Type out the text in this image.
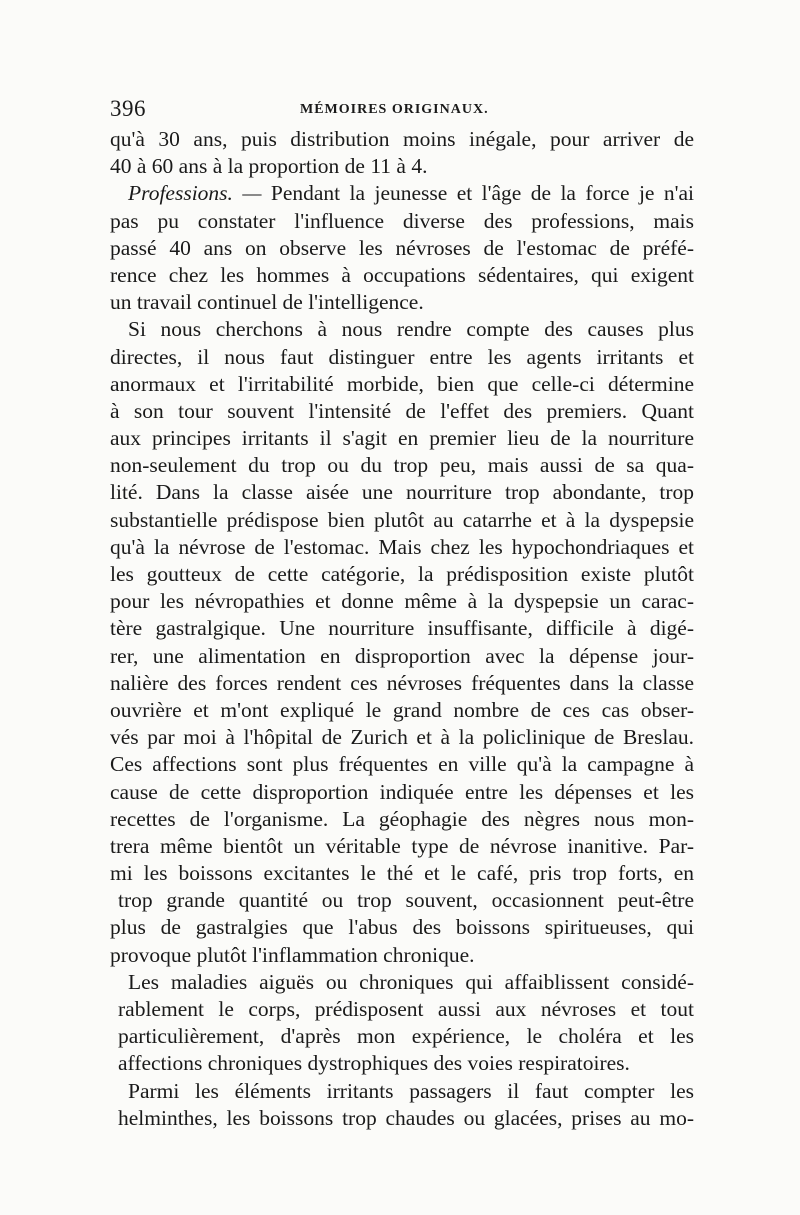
396	MÉMOIRES ORIGINAUX.
qu'à 30 ans, puis distribution moins inégale, pour arriver de
40 à 60 ans à la proportion de 11 à 4.
Professions. — Pendant la jeunesse et l'âge de la force je n'ai
pas pu constater l'influence diverse des professions, mais
passé 40 ans on observe les névroses de l'estomac de préfé-
rence chez les hommes à occupations sédentaires, qui exigent
un travail continuel de l'intelligence.
Si nous cherchons à nous rendre compte des causes plus
directes, il nous faut distinguer entre les agents irritants et
anormaux et l'irritabilité morbide, bien que celle-ci détermine
à son tour souvent l'intensité de l'effet des premiers. Quant
aux principes irritants il s'agit en premier lieu de la nourriture
non-seulement du trop ou du trop peu, mais aussi de sa qua-
lité. Dans la classe aisée une nourriture trop abondante, trop
substantielle prédispose bien plutôt au catarrhe et à la dyspepsie
qu'à la névrose de l'estomac. Mais chez les hypochondriaques et
les goutteux de cette catégorie, la prédisposition existe plutôt
pour les névropathies et donne même à la dyspepsie un carac-
tère gastralgique. Une nourriture insuffisante, difficile à digé-
rer, une alimentation en disproportion avec la dépense jour-
nalière des forces rendent ces névroses fréquentes dans la classe
ouvrière et m'ont expliqué le grand nombre de ces cas obser-
vés par moi à l'hôpital de Zurich et à la policlinique de Breslau.
Ces affections sont plus fréquentes en ville qu'à la campagne à
cause de cette disproportion indiquée entre les dépenses et les
recettes de l'organisme. La géophagie des nègres nous mon-
trera même bientôt un véritable type de névrose inanitive. Par-
mi les boissons excitantes le thé et le café, pris trop forts, en
trop grande quantité ou trop souvent, occasionnent peut-être
plus de gastralgies que l'abus des boissons spiritueuses, qui
provoque plutôt l'inflammation chronique.
Les maladies aiguës ou chroniques qui affaiblissent considé-
rablement le corps, prédisposent aussi aux névroses et tout
particulièrement, d'après mon expérience, le choléra et les
affections chroniques dystrophiques des voies respiratoires.
Parmi les éléments irritants passagers il faut compter les
helminthes, les boissons trop chaudes ou glacées, prises au mo-
